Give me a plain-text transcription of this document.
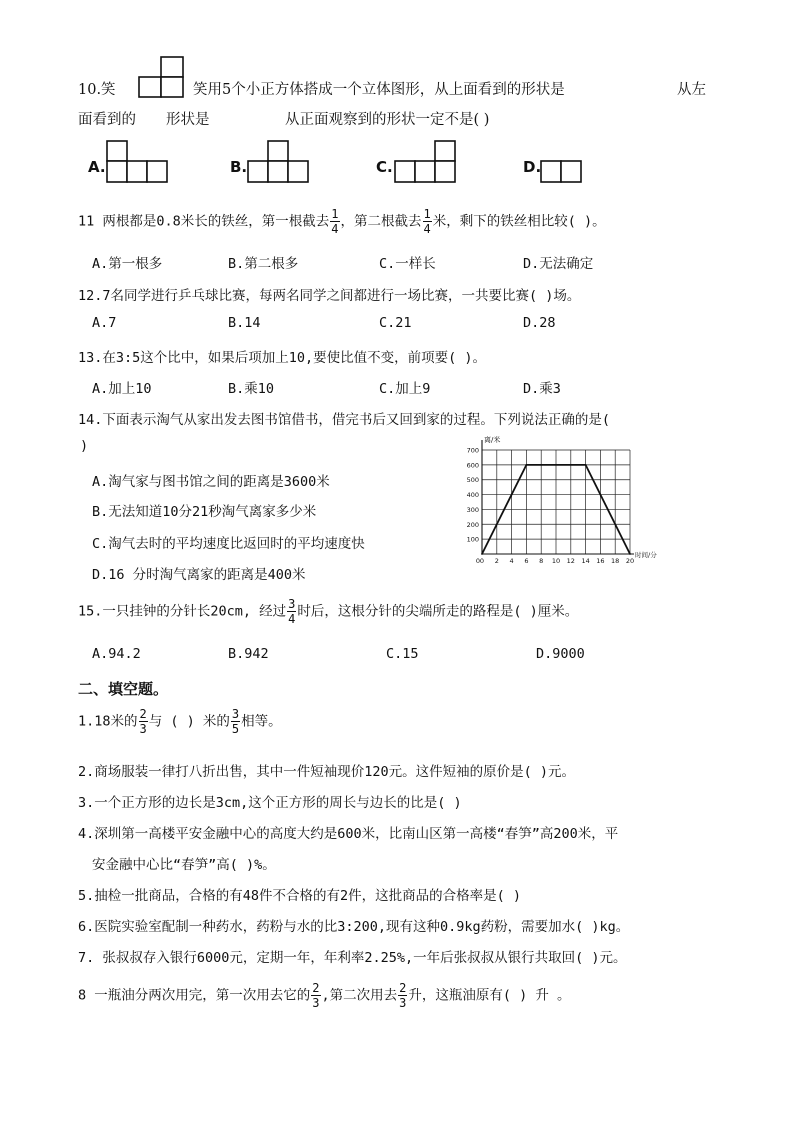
10.笑	笑用5个小正方体搭成一个立体图形，从上面看到的形状是	从左
面看到的 形状是	从正面观察到的形状一定不是( )
A.	B.	C.	D.
11 两根都是0.8米长的铁丝，第一根截去 $\frac{1}{4}$ ，第二根截去 $\frac{1}{4}$ 米，剩下的铁丝相比较( )。
A.第一根多	B.第二根多	C.一样长	D.无法确定
12.7名同学进行乒乓球比赛，每两名同学之间都进行一场比赛，一共要比赛( )场。
A.7	B.14	C.21	D.28
13.在3:5这个比中，如果后项加上10,要使比值不变，前项要( )。
A.加上10	B.乘10	C.加上9	D.乘3
14.下面表示淘气从家出发去图书馆借书，借完书后又回到家的过程。下列说法正确的是(
)
A.淘气家与图书馆之间的距离是3600米
B.无法知道10分21秒淘气离家多少米
C.淘气去时的平均速度比返回时的平均速度快
D.16 分时淘气离家的距离是400米
离/米
时间/分
0 2 4 6 8 10 12 14 16 18 20
0
100
200
300
400
500
600
700
15.一只挂钟的分针长20cm, 经过 $\frac{3}{4}$ 时后，这根分针的尖端所走的路程是( )厘米。
A.94.2	B.942	C.15	D.9000
二、填空题。
1.18米的 $\frac{2}{3}$ 与 ( ) 米的 $\frac{3}{5}$ 相等。
2.商场服装一律打八折出售，其中一件短袖现价120元。这件短袖的原价是( )元。
3.一个正方形的边长是3cm,这个正方形的周长与边长的比是( )
4.深圳第一高楼平安金融中心的高度大约是600米，比南山区第一高楼“春笋”高200米，平
安金融中心比“春笋”高( )%。
5.抽检一批商品，合格的有48件不合格的有2件，这批商品的合格率是( )
6.医院实验室配制一种药水，药粉与水的比3:200,现有这种0.9kg药粉，需要加水( )kg。
7. 张叔叔存入银行6000元，定期一年，年利率2.25%,一年后张叔叔从银行共取回( )元。
8 一瓶油分两次用完，第一次用去它的 $\frac{2}{3}$ ,第二次用去 $\frac{2}{3}$ 升，这瓶油原有( ) 升 。
